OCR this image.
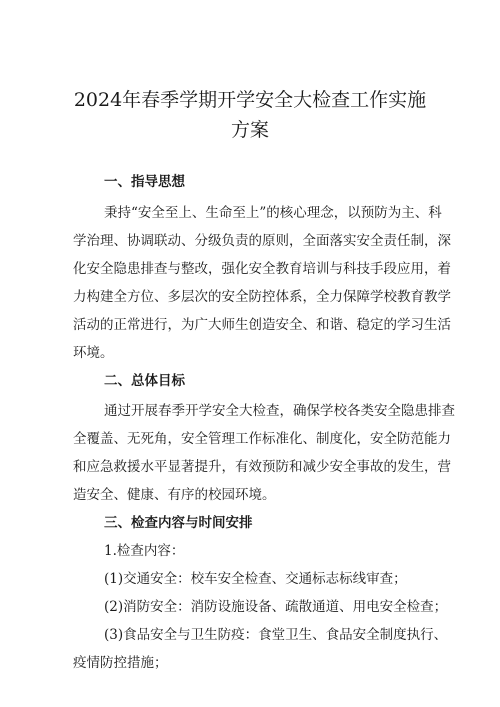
2024年春季学期开学安全大检查工作实施
方案
一、指导思想

秉持“安全至上、生命至上”的核心理念，以预防为主、科

学治理、协调联动、分级负责的原则，全面落实安全责任制，深

化安全隐患排查与整改，强化安全教育培训与科技手段应用，着

力构建全方位、多层次的安全防控体系，全力保障学校教育教学

活动的正常进行，为广大师生创造安全、和谐、稳定的学习生活

环境。

二、总体目标

通过开展春季开学安全大检查，确保学校各类安全隐患排查

全覆盖、无死角，安全管理工作标准化、制度化，安全防范能力

和应急救援水平显著提升，有效预防和减少安全事故的发生，营

造安全、健康、有序的校园环境。

三、检查内容与时间安排

1.检查内容：

(1)交通安全：校车安全检查、交通标志标线审查；

(2)消防安全：消防设施设备、疏散通道、用电安全检查；

(3)食品安全与卫生防疫：食堂卫生、食品安全制度执行、

疫情防控措施；
